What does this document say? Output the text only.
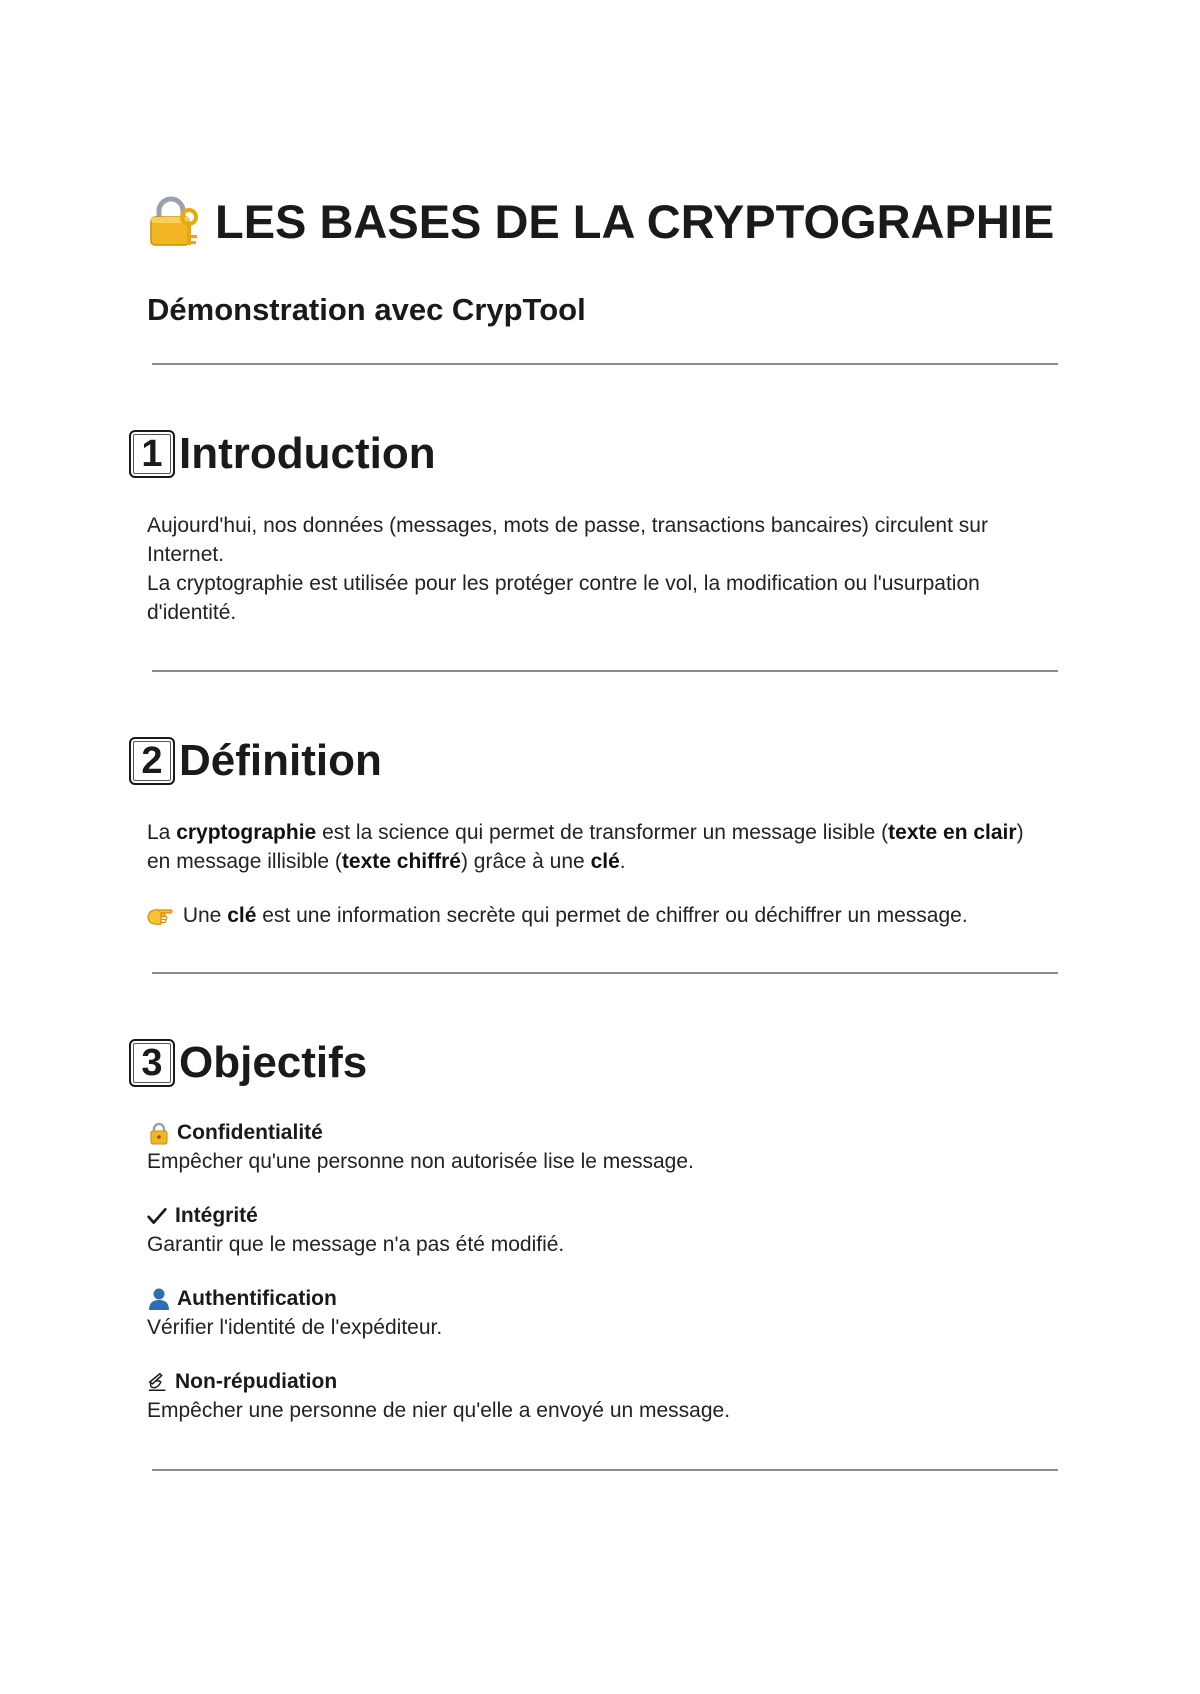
LES BASES DE LA CRYPTOGRAPHIE
Démonstration avec CrypTool
1 Introduction

Aujourd'hui, nos données (messages, mots de passe, transactions bancaires) circulent sur
Internet.
La cryptographie est utilisée pour les protéger contre le vol, la modification ou l'usurpation
d'identité.

2 Définition

La cryptographie est la science qui permet de transformer un message lisible (texte en clair) en message illisible (texte chiffré) grâce à une clé.

Une clé est une information secrète qui permet de chiffrer ou déchiffrer un message.

3 Objectifs

Confidentialité

Empêcher qu'une personne non autorisée lise le message.

Intégrité

Garantir que le message n'a pas été modifié.

Authentification

Vérifier l'identité de l'expéditeur.

Non-répudiation

Empêcher une personne de nier qu'elle a envoyé un message.
